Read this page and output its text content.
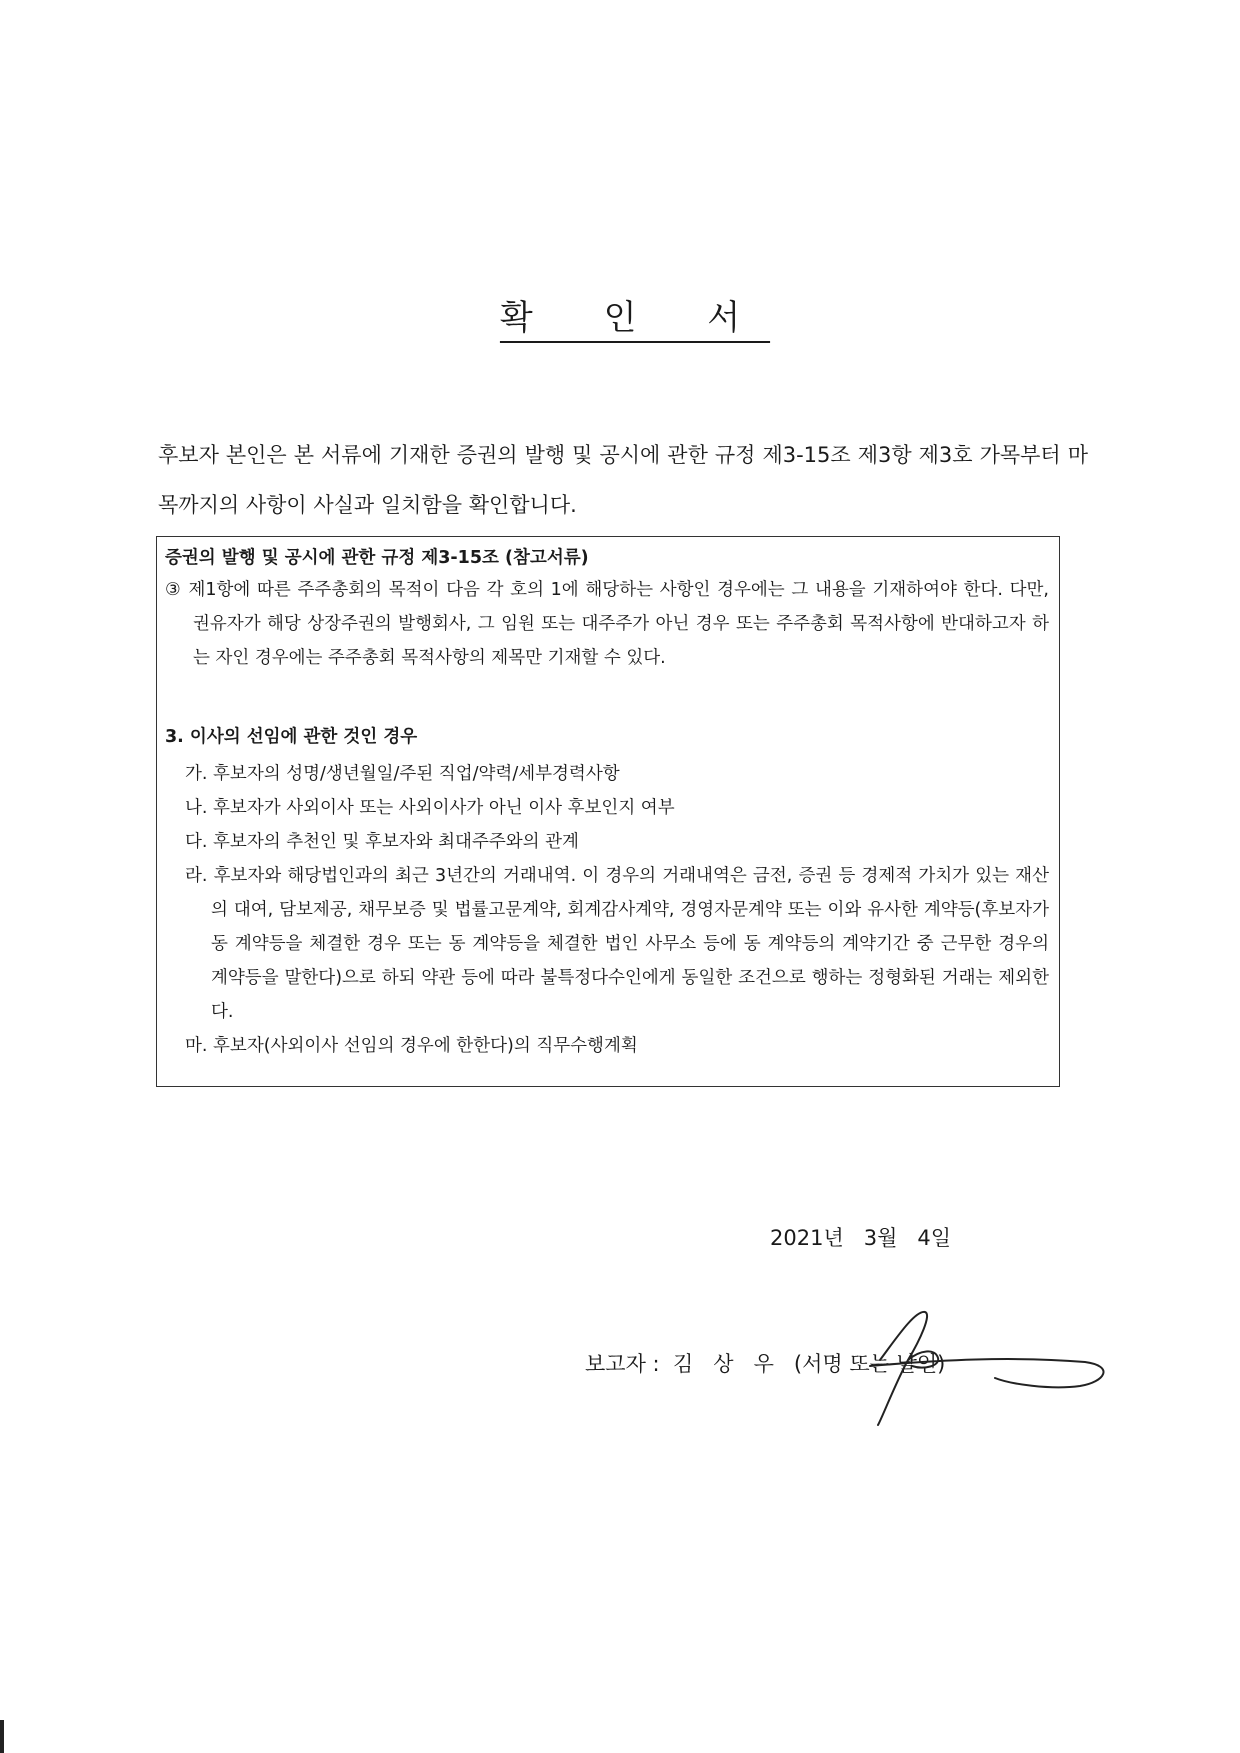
확 인 서
후보자 본인은 본 서류에 기재한 증권의 발행 및 공시에 관한 규정 제3-15조 제3항 제3호 가목부터 마목까지의 사항이 사실과 일치함을 확인합니다.
증권의 발행 및 공시에 관한 규정 제3-15조 (참고서류)
③ 제1항에 따른 주주총회의 목적이 다음 각 호의 1에 해당하는 사항인 경우에는 그 내용을 기재하여야 한다. 다만, 권유자가 해당 상장주권의 발행회사, 그 임원 또는 대주주가 아닌 경우 또는 주주총회 목적사항에 반대하고자 하는 자인 경우에는 주주총회 목적사항의 제목만 기재할 수 있다.
3. 이사의 선임에 관한 것인 경우
가. 후보자의 성명/생년월일/주된 직업/약력/세부경력사항
나. 후보자가 사외이사 또는 사외이사가 아닌 이사 후보인지 여부
다. 후보자의 추천인 및 후보자와 최대주주와의 관계
라. 후보자와 해당법인과의 최근 3년간의 거래내역. 이 경우의 거래내역은 금전, 증권 등 경제적 가치가 있는 재산의 대여, 담보제공, 채무보증 및 법률고문계약, 회계감사계약, 경영자문계약 또는 이와 유사한 계약등(후보자가 동 계약등을 체결한 경우 또는 동 계약등을 체결한 법인 사무소 등에 동 계약등의 계약기간 중 근무한 경우의 계약등을 말한다)으로 하되 약관 등에 따라 불특정다수인에게 동일한 조건으로 행하는 정형화된 거래는 제외한다.
마. 후보자(사외이사 선임의 경우에 한한다)의 직무수행계획
2021년   3월   4일
보고자 :  김   상   우   (서명 또는 날인)
